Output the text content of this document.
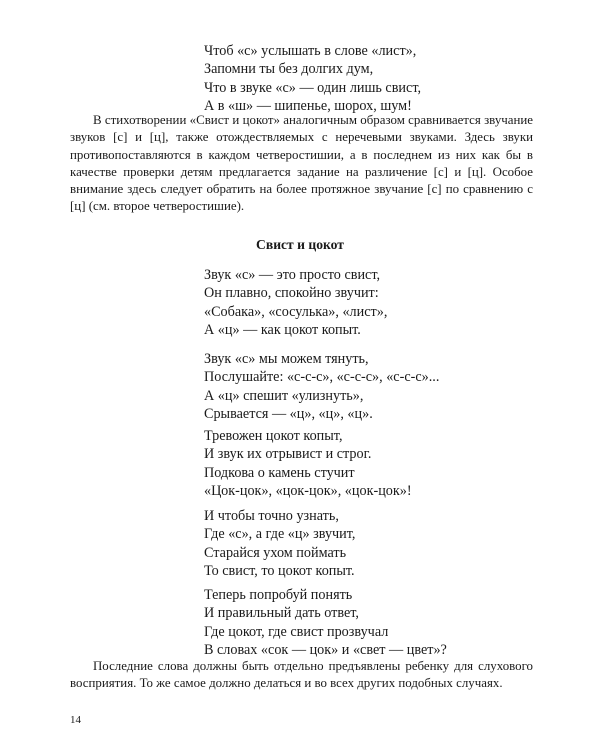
Чтоб «с» услышать в слове «лист»,
Запомни ты без долгих дум,
Что в звуке «с» — один лишь свист,
А в «ш» — шипенье, шорох, шум!

В стихотворении «Свист и цокот» аналогичным образом сравнивается звучание звуков [с] и [ц], также отождествляемых с неречевыми звуками. Здесь звуки противопоставляются в каждом четверостишии, а в последнем из них как бы в качестве проверки детям предлагается задание на различение [с] и [ц]. Особое внимание здесь следует обратить на более протяжное звучание [с] по сравнению с [ц] (см. второе четверостишие).

Свист и цокот
Звук «с» — это просто свист,
Он плавно, спокойно звучит:
«Собака», «сосулька», «лист»,
А «ц» — как цокот копыт.
Звук «с» мы можем тянуть,
Послушайте: «с-с-с», «с-с-с», «с-с-с»...
А «ц» спешит «улизнуть»,
Срывается — «ц», «ц», «ц».
Тревожен цокот копыт,
И звук их отрывист и строг.
Подкова о камень стучит
«Цок-цок», «цок-цок», «цок-цок»!
И чтобы точно узнать,
Где «с», а где «ц» звучит,
Старайся ухом поймать
То свист, то цокот копыт.
Теперь попробуй понять
И правильный дать ответ,
Где цокот, где свист прозвучал
В словах «сок — цок» и «свет — цвет»?

Последние слова должны быть отдельно предъявлены ребенку для слухового восприятия. То же самое должно делаться и во всех других подобных случаях.

14
